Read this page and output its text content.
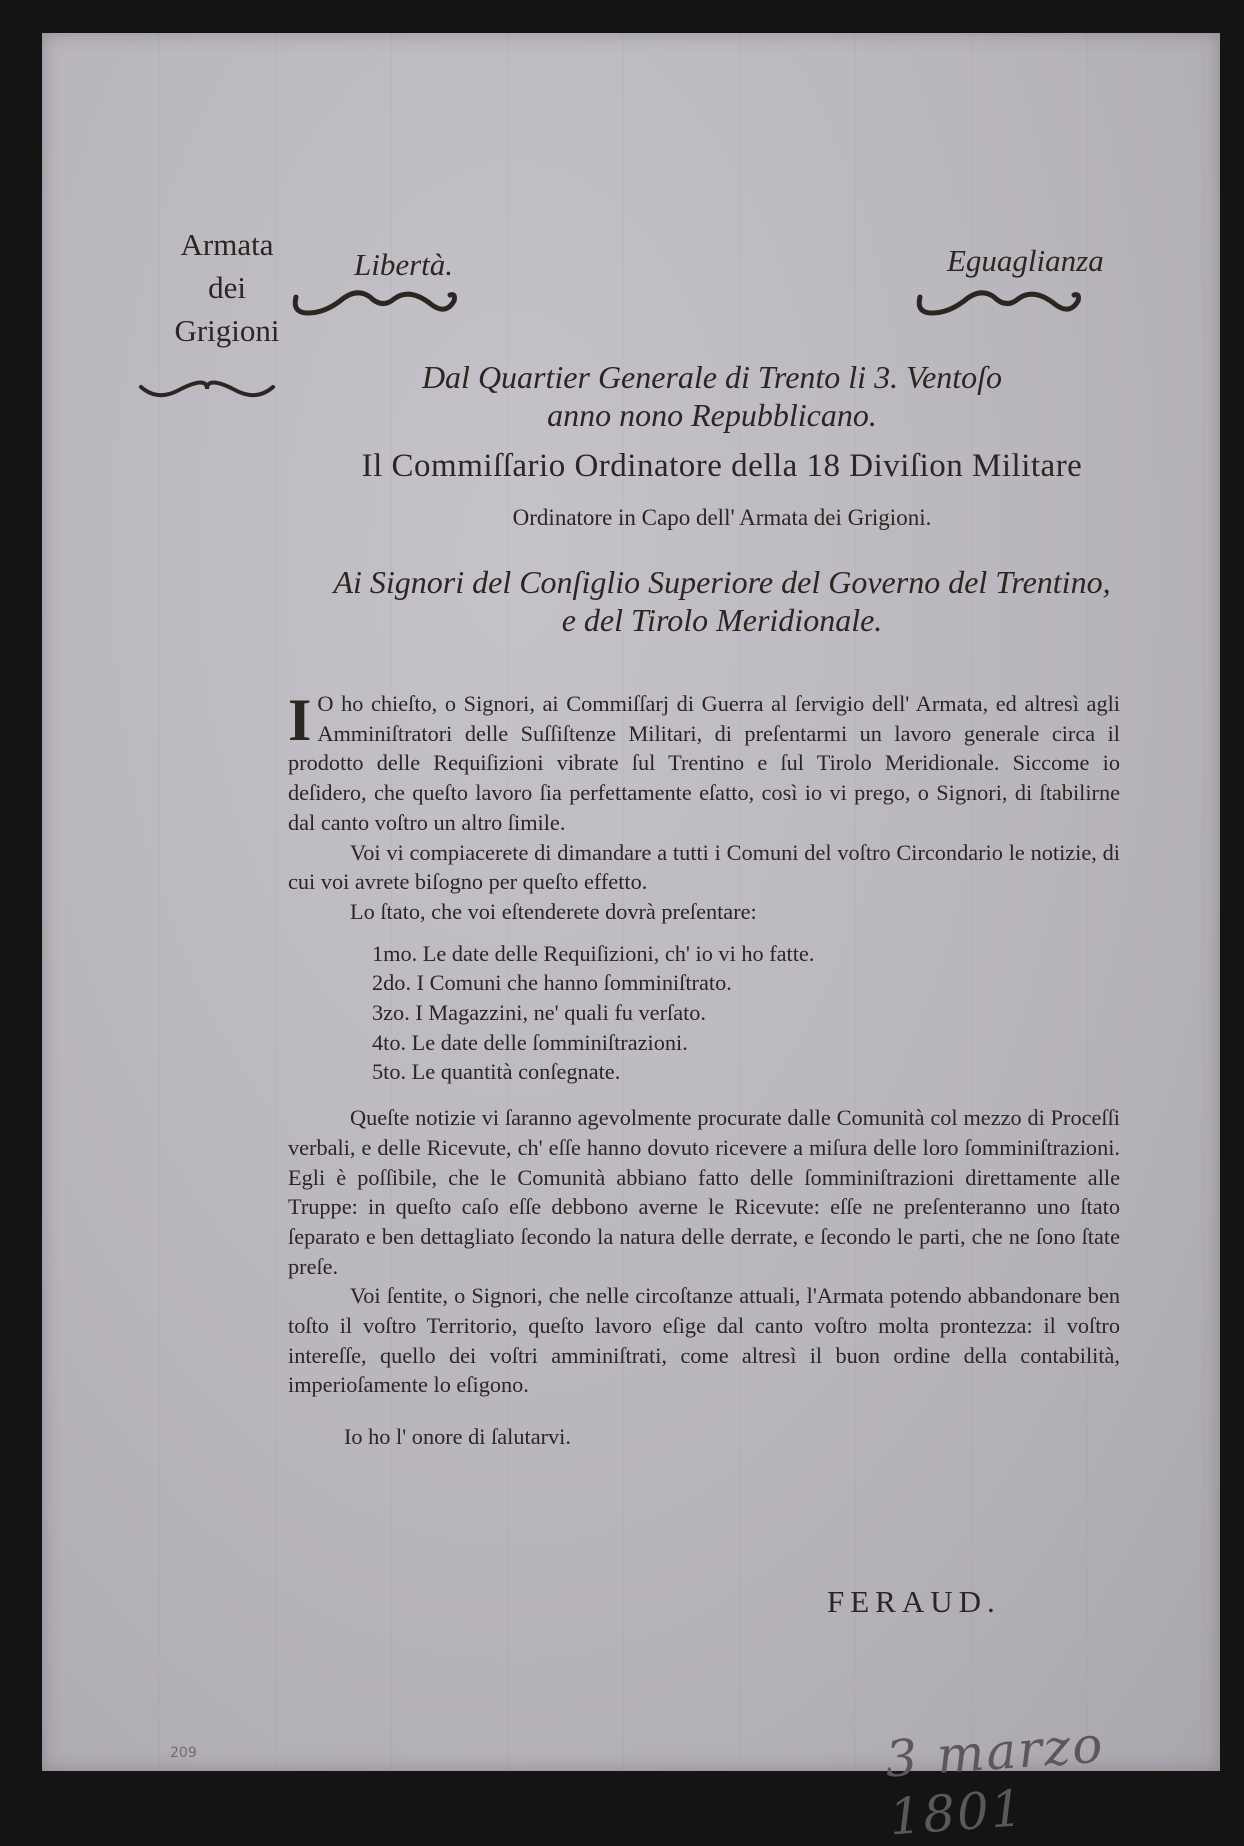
Armata
dei
Grigioni
Libertà.	Eguaglianza
Dal Quartier Generale di Trento li 3. Ventoſo
anno nono Repubblicano.
Il Commiſſario Ordinatore della 18 Diviſion Militare
Ordinatore in Capo dell' Armata dei Grigioni.
Ai Signori del Conſiglio Superiore del Governo del Trentino,
e del Tirolo Meridionale.

I O ho chieſto, o Signori, ai Commiſſarj di Guerra al ſervigio dell' Armata, ed altresì agli Amminiſtratori delle Suſſiſtenze Militari, di preſentarmi un lavoro generale circa il prodotto delle Requiſizioni vibrate ſul Trentino e ſul Tirolo Meridionale. Siccome io deſidero, che queſto lavoro ſia perfettamente eſatto, così io vi prego, o Signori, di ſtabilirne dal canto voſtro un altro ſimile.

Voi vi compiacerete di dimandare a tutti i Comuni del voſtro Circondario le notizie, di cui voi avrete biſogno per queſto effetto.

Lo ſtato, che voi eſtenderete dovrà preſentare:

1mo. Le date delle Requiſizioni, ch' io vi ho fatte.
2do. I Comuni che hanno ſomminiſtrato.
3zo. I Magazzini, ne' quali fu verſato.
4to. Le date delle ſomminiſtrazioni.
5to. Le quantità conſegnate.

Queſte notizie vi ſaranno agevolmente procurate dalle Comunità col mezzo di Proceſſi verbali, e delle Ricevute, ch' eſſe hanno dovuto ricevere a miſura delle loro ſomminiſtrazioni. Egli è poſſibile, che le Comunità abbiano fatto delle ſomminiſtrazioni direttamente alle Truppe: in queſto caſo eſſe debbono averne le Ricevute: eſſe ne preſenteranno uno ſtato ſeparato e ben dettagliato ſecondo la natura delle derrate, e ſecondo le parti, che ne ſono ſtate preſe.

Voi ſentite, o Signori, che nelle circoſtanze attuali, l'Armata potendo abbandonare ben toſto il voſtro Territorio, queſto lavoro eſige dal canto voſtro molta prontezza: il voſtro intereſſe, quello dei voſtri amminiſtrati, come altresì il buon ordine della contabilità, imperioſamente lo eſigono.

Io ho l' onore di ſalutarvi.

FERAUD.
209	3 marzo 1801
